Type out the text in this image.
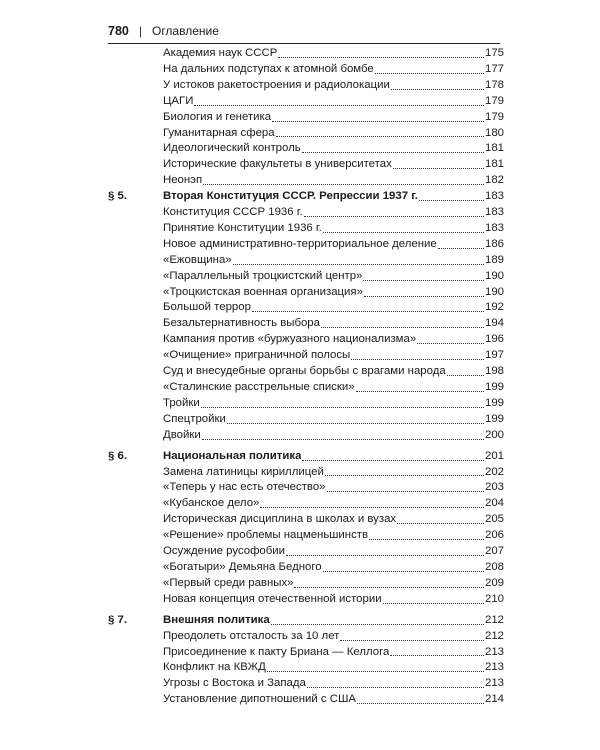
780 | Оглавление
Академия наук СССР	175
На дальних подступах к атомной бомбе	177
У истоков ракетостроения и радиолокации	178
ЦАГИ	179
Биология и генетика	179
Гуманитарная сфера	180
Идеологический контроль	181
Исторические факультеты в университетах	181
Неонэп	182
§ 5.	Вторая Конституция СССР. Репрессии 1937 г.	183
Конституция СССР 1936 г.	183
Принятие Конституции 1936 г.	183
Новое административно-территориальное деление	186
«Ежовщина»	189
«Параллельный троцкистский центр»	190
«Троцкистская военная организация»	190
Большой террор	192
Безальтернативность выбора	194
Кампания против «буржуазного национализма»	196
«Очищение» приграничной полосы	197
Суд и внесудебные органы борьбы с врагами народа	198
«Сталинские расстрельные списки»	199
Тройки	199
Спецтройки	199
Двойки	200
§ 6.	Национальная политика	201
Замена латиницы кириллицей	202
«Теперь у нас есть отечество»	203
«Кубанское дело»	204
Историческая дисциплина в школах и вузах	205
«Решение» проблемы нацменьшинств	206
Осуждение русофобии	207
«Богатыри» Демьяна Бедного	208
«Первый среди равных»	209
Новая концепция отечественной истории	210
§ 7.	Внешняя политика	212
Преодолеть отсталость за 10 лет	212
Присоединение к пакту Бриана — Келлога	213
Конфликт на КВЖД	213
Угрозы с Востока и Запада	213
Установление дипотношений с США	214
